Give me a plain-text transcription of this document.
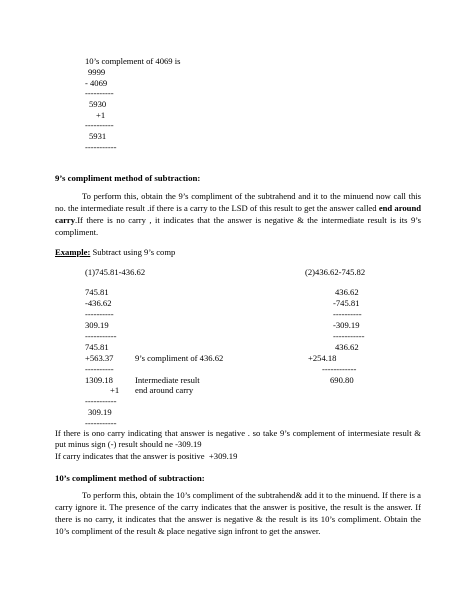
10’s complement of 4069 is
9999
- 4069
----------
5930
+1
----------
5931
-----------
9’s compliment method of subtraction:
To perform this, obtain the 9’s compliment of the subtrahend and it to the minuend now call this no. the intermediate result .if there is a carry to the LSD of this result to get the answer called end around carry.If there is no carry , it indicates that the answer is negative & the intermediate result is its 9’s compliment.
Example: Subtract using 9’s comp
(1)745.81-436.62
745.81
-436.62
----------
309.19
-----------
745.81
+563.37	9’s compliment of 436.62
----------
1309.18	Intermediate result
+1 end around carry
-----------
309.19
-----------
(2)436.62-745.82
436.62
-745.81
----------
-309.19
-----------
436.62
+254.18
------------
690.80
If there is ono carry indicating that answer is negative . so take 9’s complement of intermesiate result & put minus sign (-) result should ne -309.19
If carry indicates that the answer is positive  +309.19
10’s compliment method of subtraction:
To perform this, obtain the 10’s compliment of the subtrahend& add it to the minuend. If there is a carry ignore it. The presence of the carry indicates that the answer is positive, the result is the answer. If there is no carry, it indicates that the answer is negative & the result is its 10’s compliment. Obtain the 10’s compliment of the result & place negative sign infront to get the answer.
